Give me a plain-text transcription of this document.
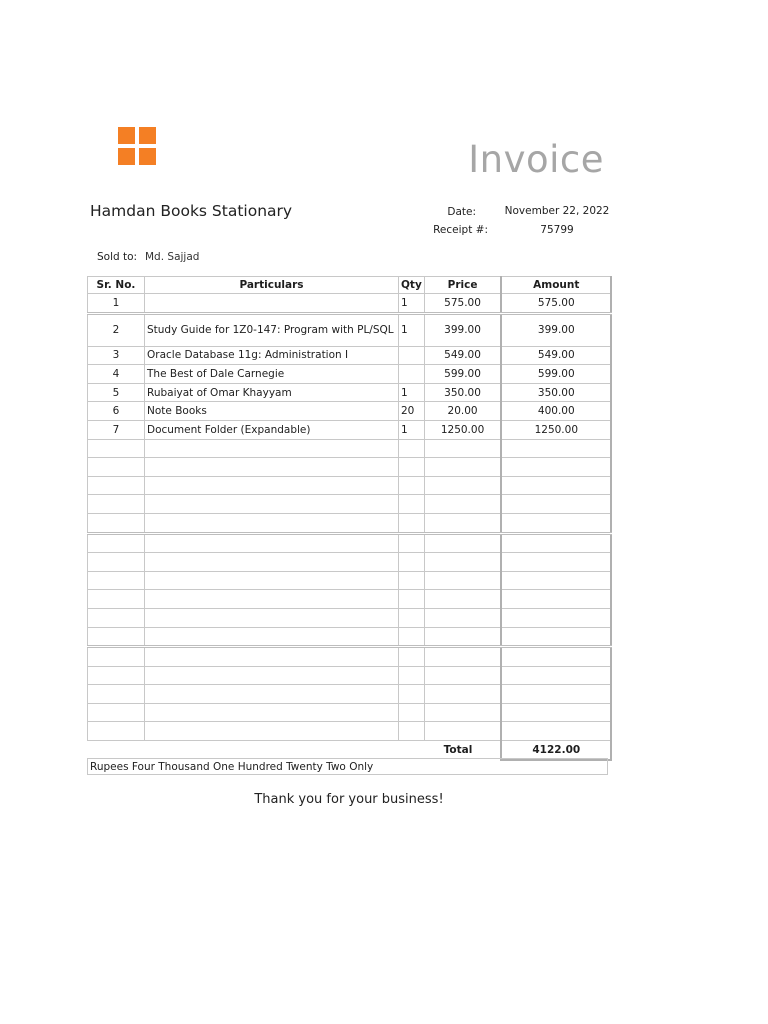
Invoice
Hamdan Books Stationary	Date:	November 22, 2022
Receipt #:	75799
Sold to: Md. Sajjad
Sr. No.	Particulars	Qty	Price	Amount
1		1	575.00	575.00
2	Study Guide for 1Z0-147: Program with PL/SQL	1	399.00	399.00
3	Oracle Database 11g: Administration I		549.00	549.00
4	The Best of Dale Carnegie		599.00	599.00
5	Rubaiyat of Omar Khayyam	1	350.00	350.00
6	Note Books	20	20.00	400.00
7	Document Folder (Expandable)	1	1250.00	1250.00

			Total	4122.00
Rupees Four Thousand One Hundred Twenty Two Only
Thank you for your business!
